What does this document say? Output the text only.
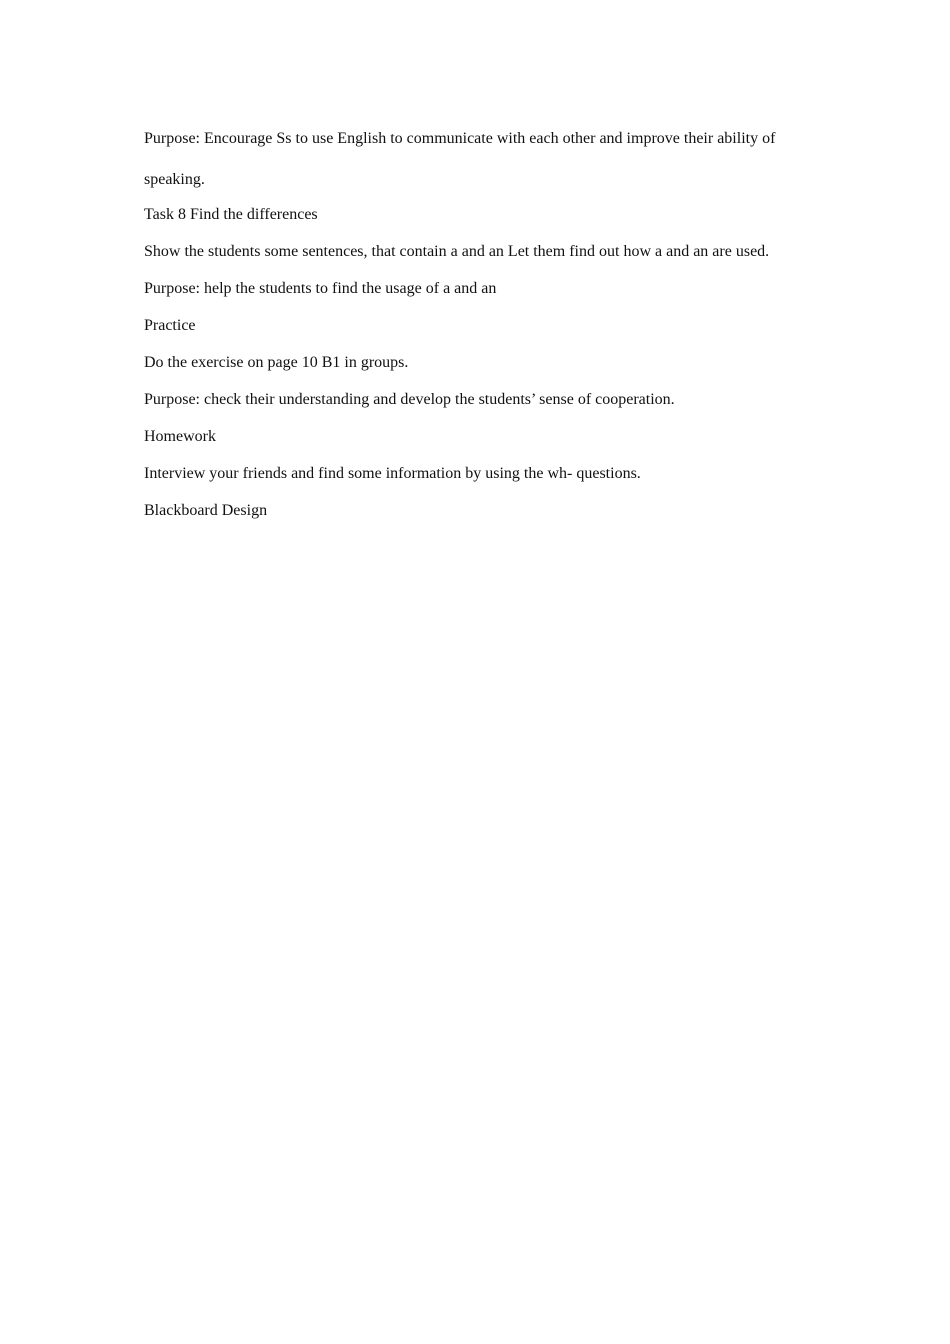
Purpose: Encourage Ss to use English to communicate with each other and improve their ability of speaking.

Task 8 Find the differences

Show the students some sentences, that contain a and an Let them find out how a and an are used.

Purpose: help the students to find the usage of a and an

Practice

Do the exercise on page 10 B1 in groups.

Purpose: check their understanding and develop the students’ sense of cooperation.

Homework

Interview your friends and find some information by using the wh- questions.

Blackboard Design
